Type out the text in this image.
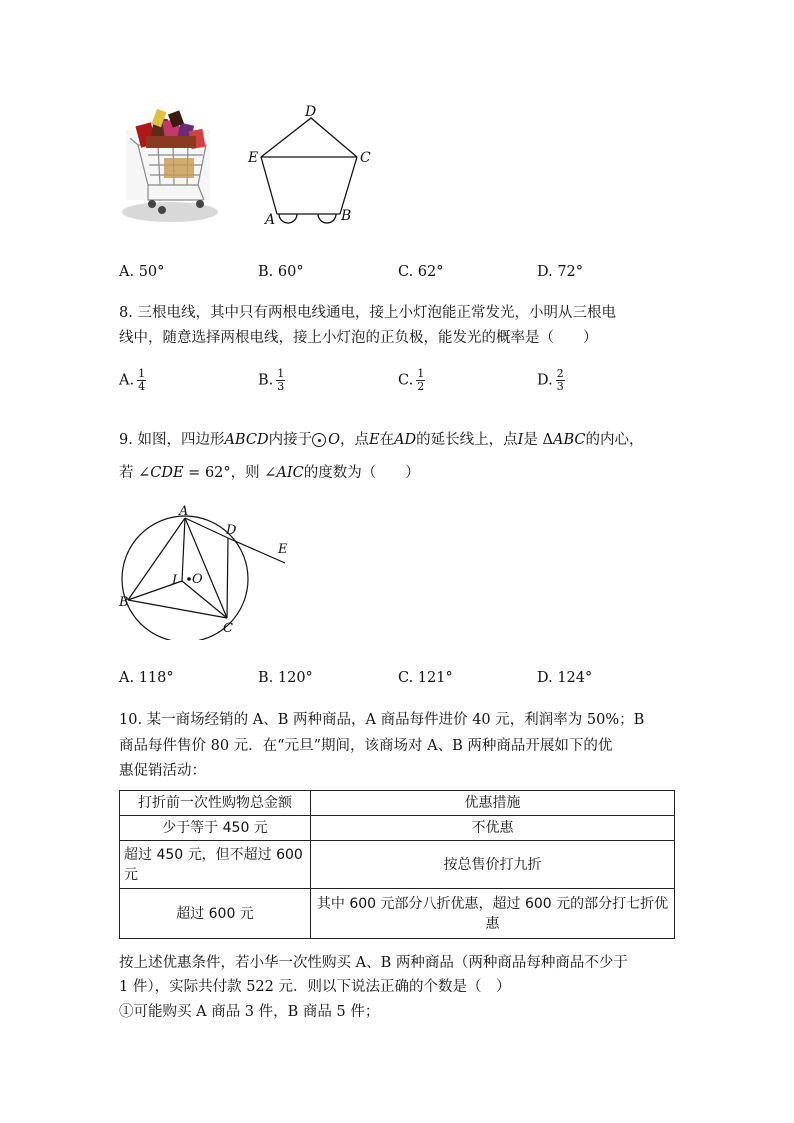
D
E	C
A	B
A. 50°	B. 60°	C. 62°	D. 72°
8. 三根电线，其中只有两根电线通电，接上小灯泡能正常发光，小明从三根电
线中，随意选择两根电线，接上小灯泡的正负极，能发光的概率是（　　）
A. $\frac{1}{4}$	B. $\frac{1}{3}$	C. $\frac{1}{2}$	D. $\frac{2}{3}$
9. 如图，四边形ABCD内接于 O，点E在AD的延长线上，点I是 ΔABC的内心，
若 ∠CDE = 62°，则 ∠AIC的度数为（　　）
A
D
E
I O
B
C
A. 118°	B. 120°	C. 121°	D. 124°
10. 某一商场经销的 A、B 两种商品，A 商品每件进价 40 元，利润率为 50%；B
商品每件售价 80 元．在“元旦”期间，该商场对 A、B 两种商品开展如下的优
惠促销活动：
打折前一次性购物总金额	优惠措施
少于等于 450 元	不优惠
超过 450 元，但不超过 600 元	按总售价打九折
超过 600 元	其中 600 元部分八折优惠，超过 600 元的部分打七折优惠
按上述优惠条件，若小华一次性购买 A、B 两种商品（两种商品每种商品不少于
1 件），实际共付款 522 元．则以下说法正确的个数是（　）
①可能购买 A 商品 3 件，B 商品 5 件；
